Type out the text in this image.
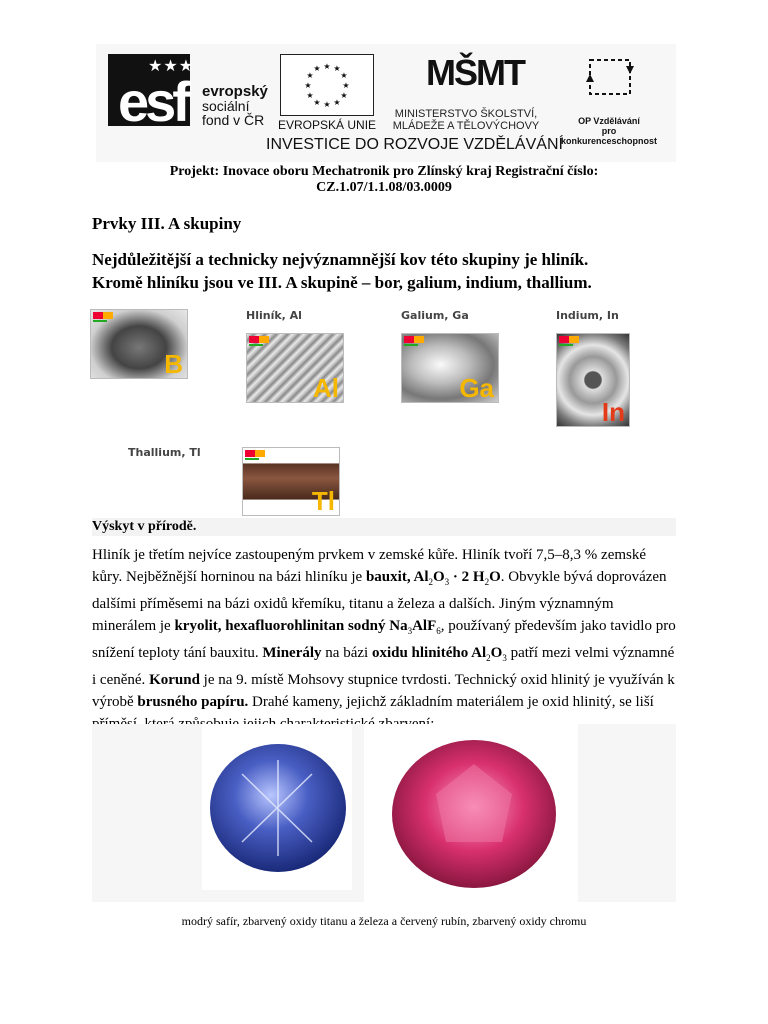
esf
★★★
evropský
sociální
fond v ČR
★ ★
★
★
★
★
★
★
★
★
★
★
EVROPSKÁ UNIE
MŠMT
MINISTERSTVO ŠKOLSTVÍ,
MLÁDEŽE A TĚLOVÝCHOVY	OP Vzdělávání
pro konkurenceschopnost
INVESTICE DO ROZVOJE VZDĚLÁVÁNÍ
Projekt: Inovace oboru Mechatronik pro Zlínský kraj Registrační číslo:
CZ.1.07/1.1.08/03.0009
Prvky III. A skupiny
Nejdůležitější a technicky nejvýznamnější kov této skupiny je hliník.
Kromě hliníku jsou ve III. A skupině – bor, galium, indium, thallium.
B
Hliník, Al
Al
Galium, Ga
Ga
Indium, In
In
Thallium, Tl
Tl
Výskyt v přírodě.
Hliník je třetím nejvíce zastoupeným prvkem v zemské kůře. Hliník tvoří 7,5–8,3 % zemské kůry. Nejběžnější horninou na bázi hliníku je bauxit, $Al_2O_3 \cdot 2$ $H_2O$. Obvykle bývá doprovázen dalšími příměsemi na bázi oxidů křemíku, titanu a železa a dalších. Jiným významným minerálem je kryolit, hexafluorohlinitan sodný $Na_3AlF_6$, používaný především jako tavidlo pro snížení teploty tání bauxitu. Minerály na bázi oxidu hlinitého $Al_2O_3$ patří mezi velmi významné i ceněné. Korund je na 9. místě Mohsovy stupnice tvrdosti. Technický oxid hlinitý je využíván k výrobě brusného papíru. Drahé kameny, jejichž základním materiálem je oxid hlinitý, se liší
modrý safír, zbarvený oxidy titanu a železa a červený rubín, zbarvený oxidy chromu
